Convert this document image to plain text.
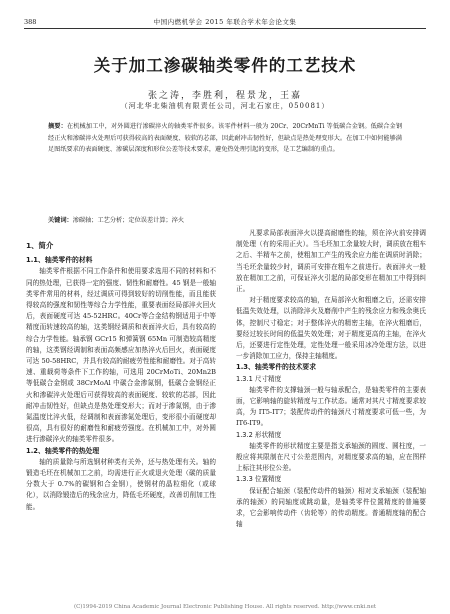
388	中国内燃机学会 2015 年联合学术年会论文集
关于加工渗碳轴类零件的工艺技术
张之涛，李胜利，程景龙，王嘉
（河北华北柴油机有限责任公司，河北石家庄，050081）
摘要：在机械加工中，对外圆进行渗碳淬火的轴类零件很多。该零件材料一般为 20Cr、20CrMnTi 等低碳合金钢。低碳合金钢经正火和渗碳淬火处理后可获得较高的表面硬度、较软的芯部，因此耐冲击韧性好，但缺点是热处理变形大。在加工中如何能够满足图纸要求的表面硬度、渗碳层深度和形位公差等技术要求，避免热处理引起的变形，是工艺编制的重点。
关键词：渗碳轴；工艺分析；定位误差计算；淬火
1、简介
1.1、轴类零件的材料

轴类零件根据不同工作条件和使用要求选用不同的材料和不同的热处理，已获得一定的强度、韧性和耐磨性。45 钢是一般轴类零件常用的材料，经过调质可得到较好的切削性能，而且能获得较高的强度和韧性等综合力学性能，重要表面经局部淬火回火后，表面硬度可达 45-52HRC。40Cr等合金结构钢适用于中等精度而转速较高的轴，这类钢经调质和表面淬火后，具有较高的综合力学性能。轴承钢 GCr15 和弹簧钢 65Mn 可制造较高精度的轴，这类钢经调制和表面高频感应加热淬火后回火，表面硬度可达 50-58HRC，并具有较高的耐疲劳性能和耐磨性。对于高转速、重载荷等条件下工作的轴，可选用 20CrMoTi、20Mn2B 等低碳合金钢或 38CrMoAl 中碳合金渗氮钢，低碳合金钢经正火和渗碳淬火处理后可获得较高的表面硬度、较软的芯部，因此耐冲击韧性好，但缺点是热处理变形大；而对于渗氮钢，由于渗氮温度比淬火低，经调制和表面渗氮处理后，变形很小而硬度却很高，具有很好的耐磨性和耐疲劳强度。在机械加工中，对外圆进行渗碳淬火的轴类零件很多。

1.2、轴类零件的热处理

轴的质量除与所选钢材种类有关外，还与热处理有关。轴的锻造毛坯在机械加工之前，均需进行正火或退火处理（碳的质量分数大于 0.7%的碳钢和合金钢），使钢材的晶粒细化（或球化），以消除锻造后的残余应力，降低毛坯硬度，改善切削加工性能。

凡要求局部表面淬火以提高耐磨性的轴，须在淬火前安排调制处理（有的采用正火）。当毛坯加工余量较大时，调质放在粗车之后、半精车之前，使粗加工产生的残余应力能在调质时消除；当毛坯余量较少时，调质可安排在粗车之前进行。表面淬火一般放在精加工之前，可保证淬火引起的局部变形在精加工中得到纠正。

对于精度要求较高的轴，在局部淬火和粗磨之后，还需安排低温失效处理，以消除淬火及磨削中产生的残余应力和残余奥氏体，控制尺寸稳定；对于整体淬火的精密主轴，在淬火粗磨后，要经过较长时间的低温失效处理；对于精度更高的主轴，在淬火后，还要进行定性处理，定性处理一般采用冰冷处理方法，以进一步消除加工应力，保持主轴精度。

1.3、轴类零件的技术要求
1.3.1 尺寸精度

轴类零件的支撑轴颈一般与轴承配合，是轴类零件的主要表面，它影响轴的旋转精度与工作状态。通常对其尺寸精度要求较高，为 IT5-IT7；装配传动件的轴颈尺寸精度要求可低一些，为IT6-IT9。

1.3.2 形状精度

轴类零件的形状精度主要是指支承轴颈的圆度、圆柱度，一般应将其限制在尺寸公差范围内，对精度要求高的轴，应在图样上标注其形位公差。

1.3.3 位置精度

保证配合轴颈（装配传动件的轴颈）相对支承轴颈（装配轴承的轴颈）的同轴度或跳动量，是轴类零件位置精度的普遍要求，它会影响传动件（齿轮等）的传动精度。普通精度轴的配合轴

(C)1994-2019 China Academic Journal Electronic Publishing House. All rights reserved. http://www.cnki.net
